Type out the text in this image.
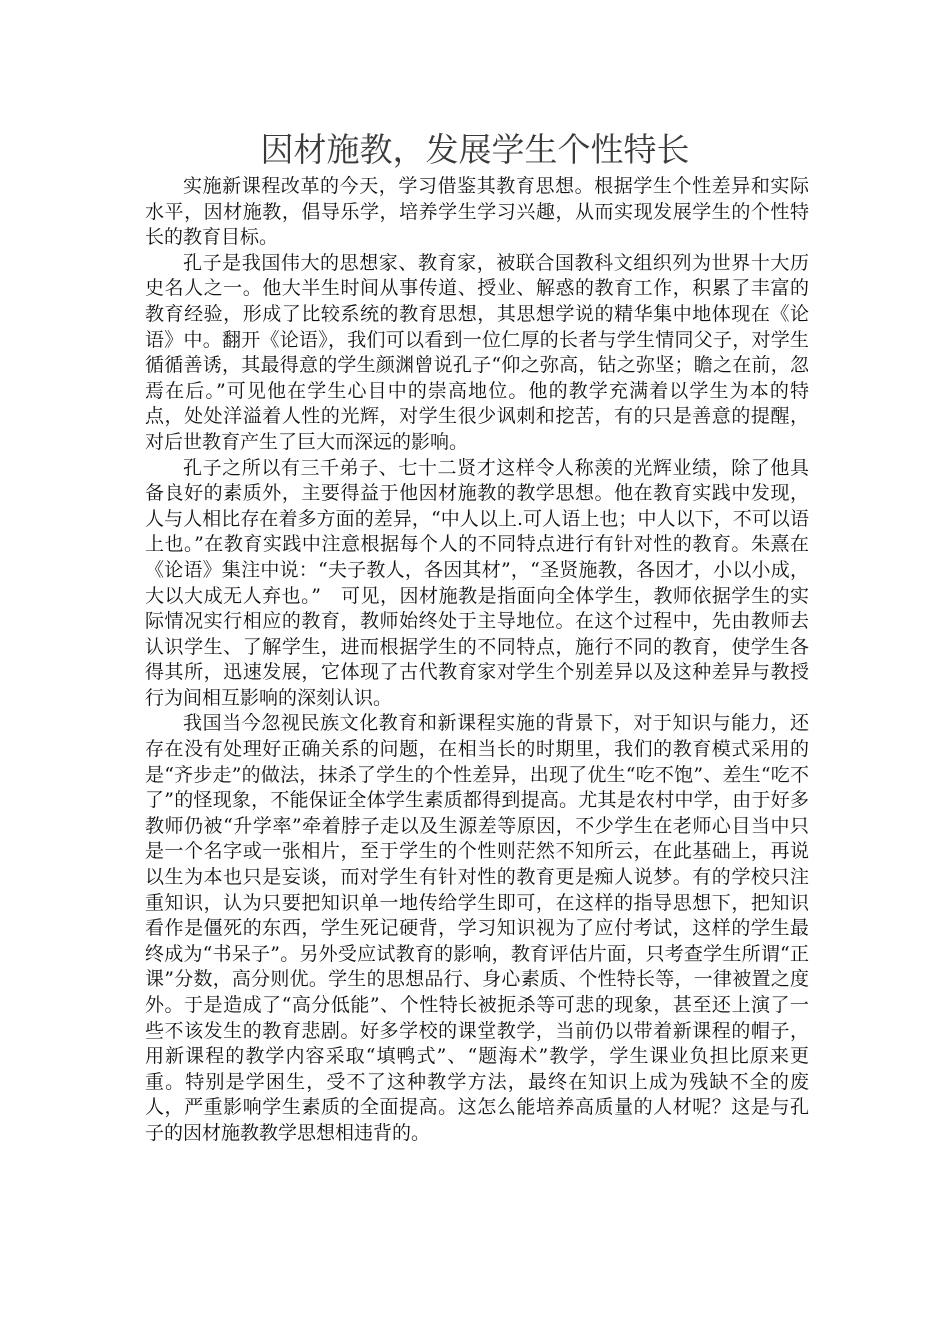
因材施教，发展学生个性特长

实施新课程改革的今天，学习借鉴其教育思想。根据学生个性差异和实际水平，因材施教，倡导乐学，培养学生学习兴趣，从而实现发展学生的个性特长的教育目标。

孔子是我国伟大的思想家、教育家，被联合国教科文组织列为世界十大历史名人之一。他大半生时间从事传道、授业、解惑的教育工作，积累了丰富的教育经验，形成了比较系统的教育思想，其思想学说的精华集中地体现在《论语》中。翻开《论语》，我们可以看到一位仁厚的长者与学生情同父子，对学生循循善诱，其最得意的学生颜渊曾说孔子“仰之弥高，钻之弥坚；瞻之在前，忽焉在后。”可见他在学生心目中的崇高地位。他的教学充满着以学生为本的特点，处处洋溢着人性的光辉，对学生很少讽刺和挖苦，有的只是善意的提醒，对后世教育产生了巨大而深远的影响。

孔子之所以有三千弟子、七十二贤才这样令人称羡的光辉业绩，除了他具备良好的素质外，主要得益于他因材施教的教学思想。他在教育实践中发现，人与人相比存在着多方面的差异，“中人以上.可人语上也；中人以下，不可以语上也。”在教育实践中注意根据每个人的不同特点进行有针对性的教育。朱熹在《论语》集注中说：“夫子教人，各因其材”，“圣贤施教，各因才，小以小成，大以大成无人弃也。”　可见，因材施教是指面向全体学生，教师依据学生的实际情况实行相应的教育，教师始终处于主导地位。在这个过程中，先由教师去认识学生、了解学生，进而根据学生的不同特点，施行不同的教育，使学生各得其所，迅速发展，它体现了古代教育家对学生个别差异以及这种差异与教授行为间相互影响的深刻认识。

我国当今忽视民族文化教育和新课程实施的背景下，对于知识与能力，还存在没有处理好正确关系的问题，在相当长的时期里，我们的教育模式采用的是“齐步走”的做法，抹杀了学生的个性差异，出现了优生“吃不饱”、差生“吃不了”的怪现象，不能保证全体学生素质都得到提高。尤其是农村中学，由于好多教师仍被“升学率”牵着脖子走以及生源差等原因，不少学生在老师心目当中只是一个名字或一张相片，至于学生的个性则茫然不知所云，在此基础上，再说以生为本也只是妄谈，而对学生有针对性的教育更是痴人说梦。有的学校只注重知识，认为只要把知识单一地传给学生即可，在这样的指导思想下，把知识看作是僵死的东西，学生死记硬背，学习知识视为了应付考试，这样的学生最终成为“书呆子”。另外受应试教育的影响，教育评估片面，只考查学生所谓“正课”分数，高分则优。学生的思想品行、身心素质、个性特长等，一律被置之度外。于是造成了“高分低能”、个性特长被扼杀等可悲的现象，甚至还上演了一些不该发生的教育悲剧。好多学校的课堂教学，当前仍以带着新课程的帽子，用新课程的教学内容采取“填鸭式”、“题海术”教学，学生课业负担比原来更重。特别是学困生，受不了这种教学方法，最终在知识上成为残缺不全的废人，严重影响学生素质的全面提高。这怎么能培养高质量的人材呢？这是与孔子的因材施教教学思想相违背的。
